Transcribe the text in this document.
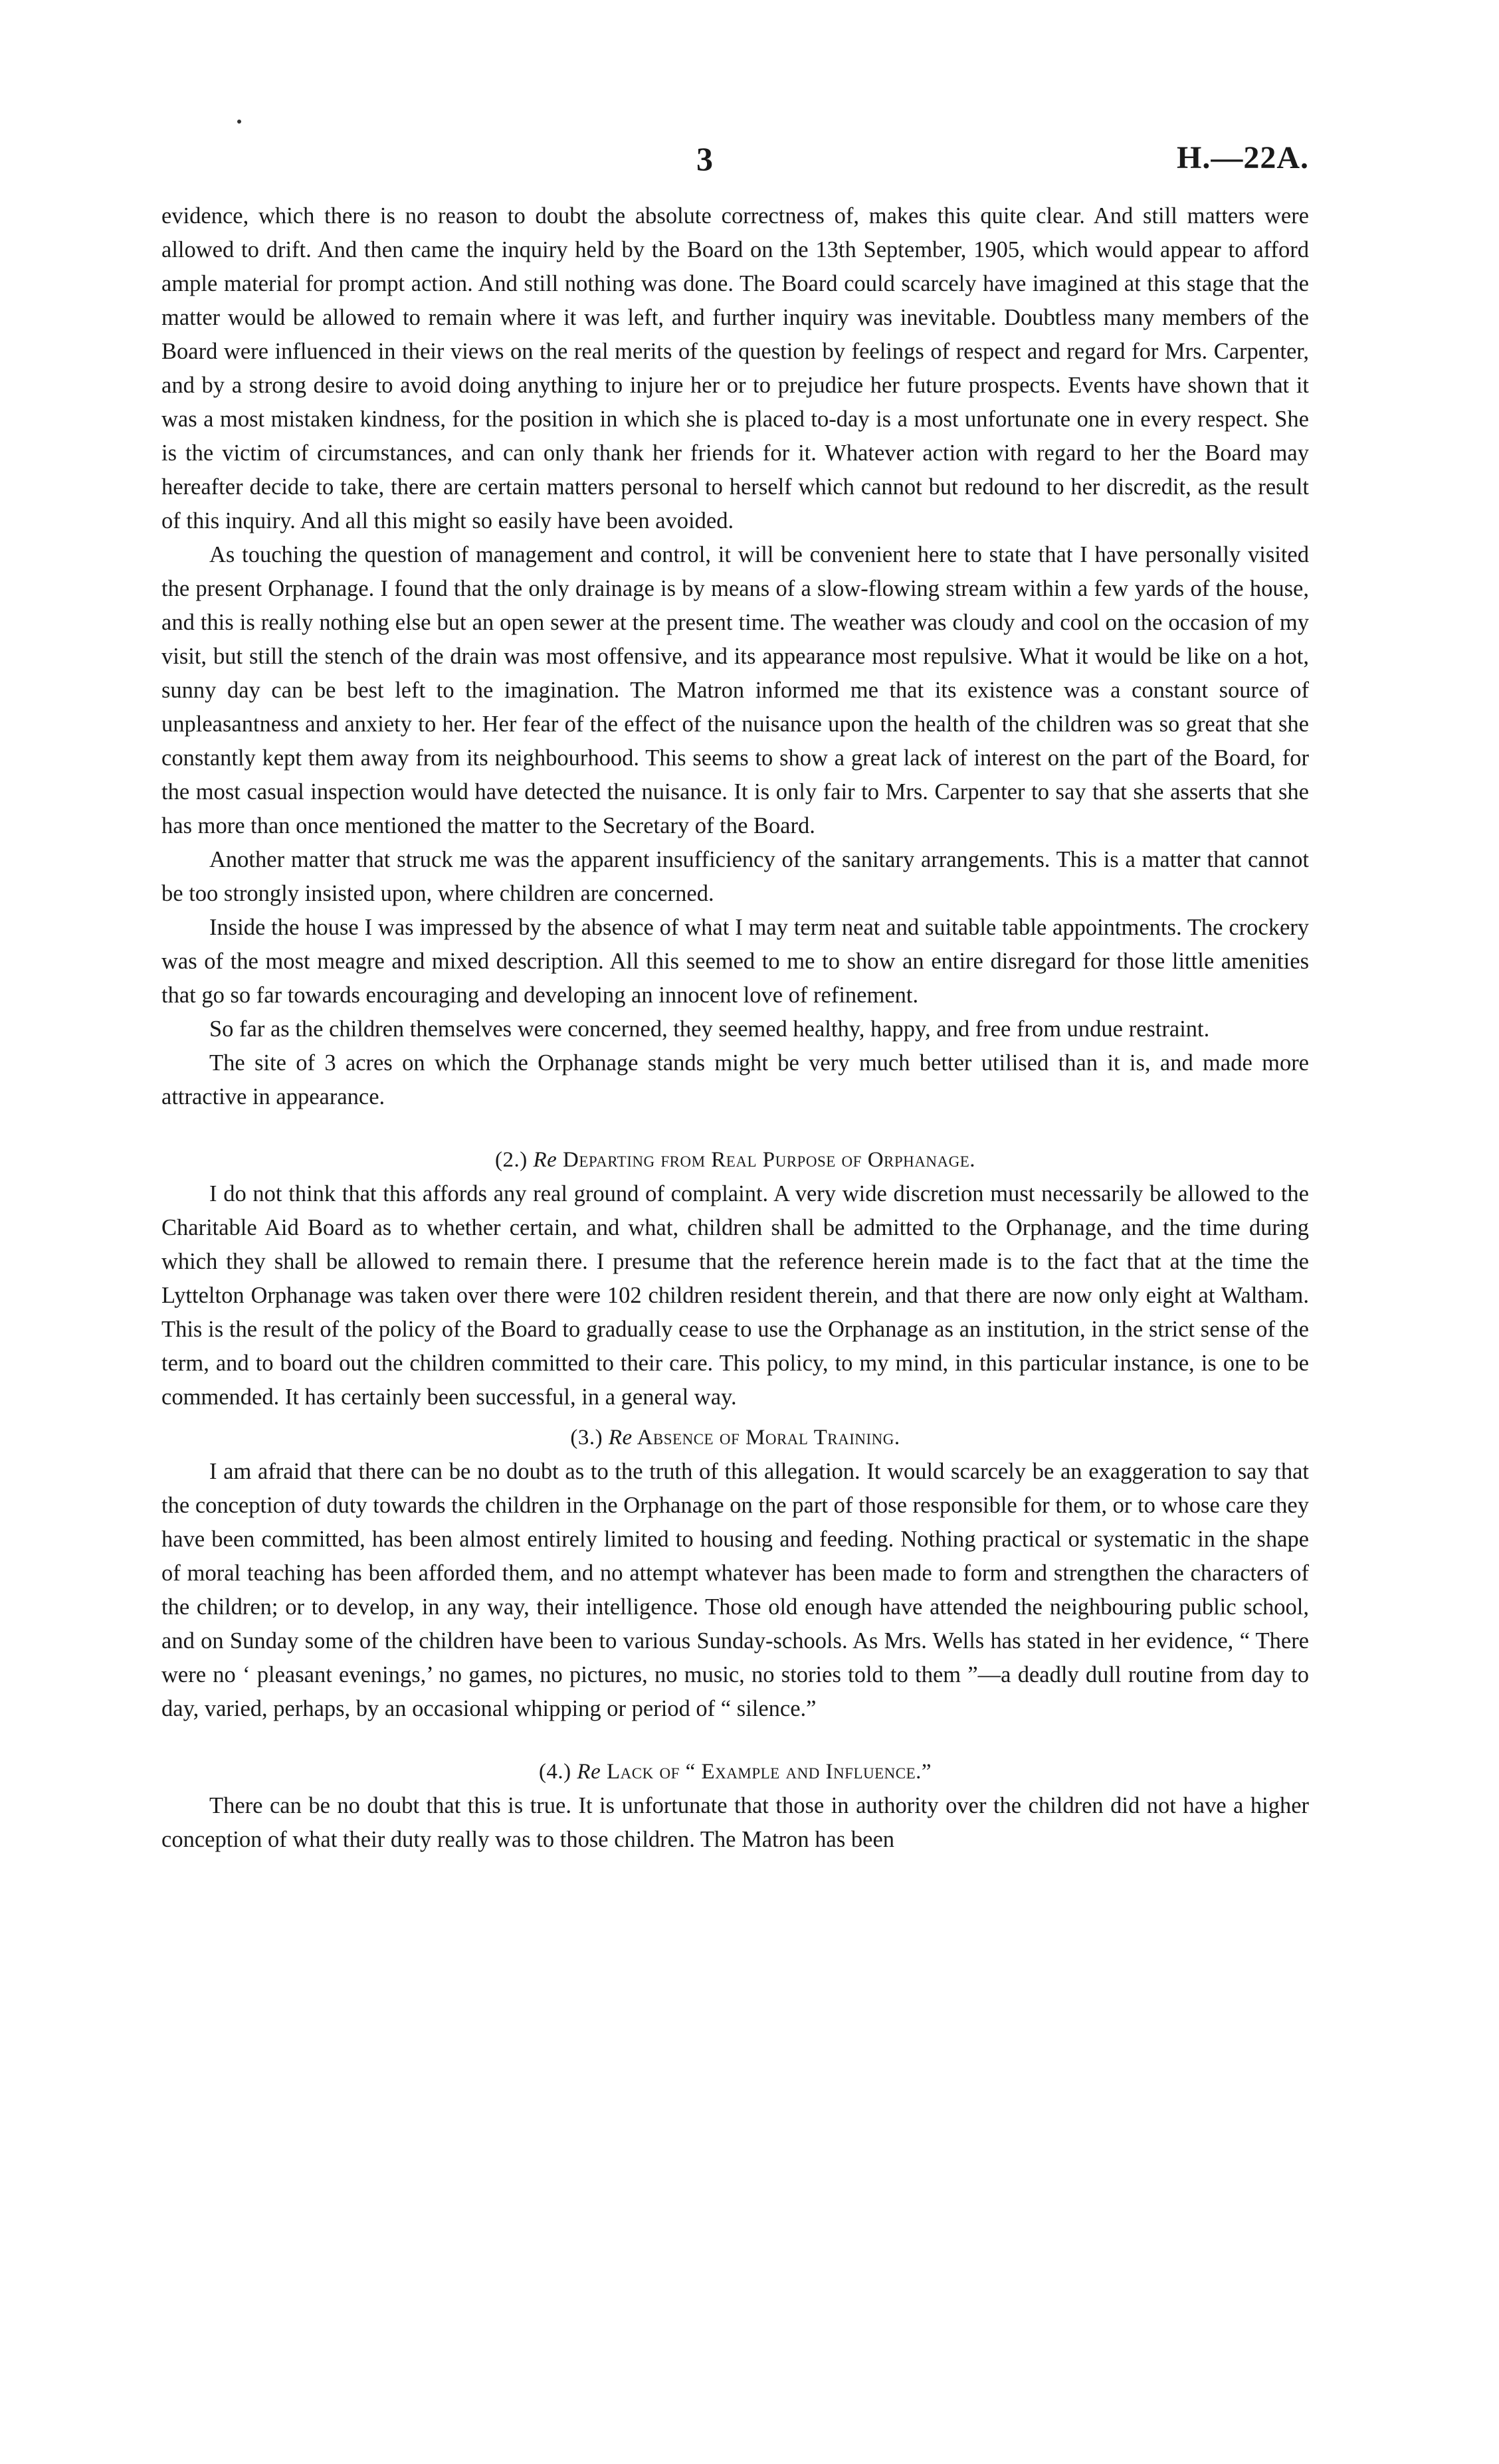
3	H.—22A.

evidence, which there is no reason to doubt the absolute correctness of, makes this quite clear. And still matters were allowed to drift. And then came the inquiry held by the Board on the 13th September, 1905, which would appear to afford ample material for prompt action. And still nothing was done. The Board could scarcely have imagined at this stage that the matter would be allowed to remain where it was left, and further inquiry was inevitable. Doubtless many members of the Board were influenced in their views on the real merits of the question by feelings of respect and regard for Mrs. Carpenter, and by a strong desire to avoid doing anything to injure her or to prejudice her future prospects. Events have shown that it was a most mistaken kindness, for the position in which she is placed to-day is a most unfortunate one in every respect. She is the victim of circumstances, and can only thank her friends for it. Whatever action with regard to her the Board may hereafter decide to take, there are certain matters personal to herself which cannot but redound to her discredit, as the result of this inquiry. And all this might so easily have been avoided.

As touching the question of management and control, it will be convenient here to state that I have personally visited the present Orphanage. I found that the only drainage is by means of a slow-flowing stream within a few yards of the house, and this is really nothing else but an open sewer at the present time. The weather was cloudy and cool on the occasion of my visit, but still the stench of the drain was most offensive, and its appearance most repulsive. What it would be like on a hot, sunny day can be best left to the imagination. The Matron informed me that its existence was a constant source of unpleasantness and anxiety to her. Her fear of the effect of the nuisance upon the health of the children was so great that she constantly kept them away from its neighbourhood. This seems to show a great lack of interest on the part of the Board, for the most casual inspection would have detected the nuisance. It is only fair to Mrs. Carpenter to say that she asserts that she has more than once mentioned the matter to the Secretary of the Board.

Another matter that struck me was the apparent insufficiency of the sanitary arrangements. This is a matter that cannot be too strongly insisted upon, where children are concerned.

Inside the house I was impressed by the absence of what I may term neat and suitable table appointments. The crockery was of the most meagre and mixed description. All this seemed to me to show an entire disregard for those little amenities that go so far towards encouraging and developing an innocent love of refinement.

So far as the children themselves were concerned, they seemed healthy, happy, and free from undue restraint.

The site of 3 acres on which the Orphanage stands might be very much better utilised than it is, and made more attractive in appearance.

(2.) Re Departing from Real Purpose of Orphanage.

I do not think that this affords any real ground of complaint. A very wide discretion must necessarily be allowed to the Charitable Aid Board as to whether certain, and what, children shall be admitted to the Orphanage, and the time during which they shall be allowed to remain there. I presume that the reference herein made is to the fact that at the time the Lyttelton Orphanage was taken over there were 102 children resident therein, and that there are now only eight at Waltham. This is the result of the policy of the Board to gradually cease to use the Orphanage as an institution, in the strict sense of the term, and to board out the children committed to their care. This policy, to my mind, in this particular instance, is one to be commended. It has certainly been successful, in a general way.

(3.) Re Absence of Moral Training.

I am afraid that there can be no doubt as to the truth of this allegation. It would scarcely be an exaggeration to say that the conception of duty towards the children in the Orphanage on the part of those responsible for them, or to whose care they have been committed, has been almost entirely limited to housing and feeding. Nothing practical or systematic in the shape of moral teaching has been afforded them, and no attempt whatever has been made to form and strengthen the characters of the children; or to develop, in any way, their intelligence. Those old enough have attended the neighbouring public school, and on Sunday some of the children have been to various Sunday-schools. As Mrs. Wells has stated in her evidence, “ There were no ‘ pleasant evenings,’ no games, no pictures, no music, no stories told to them ”—a deadly dull routine from day to day, varied, perhaps, by an occasional whipping or period of “ silence.”

(4.) Re Lack of “ Example and Influence.”

There can be no doubt that this is true. It is unfortunate that those in authority over the children did not have a higher conception of what their duty really was to those children. The Matron has been
